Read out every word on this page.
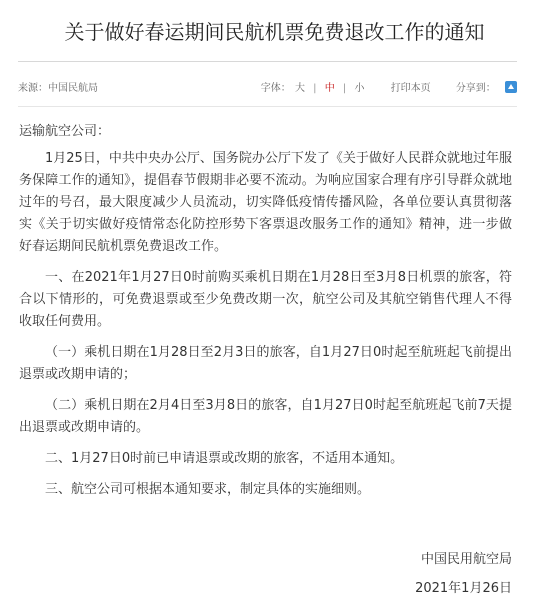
关于做好春运期间民航机票免费退改工作的通知
来源：中国民航局	字体： 大 | 中 | 小	打印本页	分享到：

运输航空公司：

1月25日，中共中央办公厅、国务院办公厅下发了《关于做好人民群众就地过年服务保障工作的通知》，提倡春节假期非必要不流动。为响应国家合理有序引导群众就地过年的号召，最大限度减少人员流动，切实降低疫情传播风险，各单位要认真贯彻落实《关于切实做好疫情常态化防控形势下客票退改服务工作的通知》精神，进一步做好春运期间民航机票免费退改工作。

一、在2021年1月27日0时前购买乘机日期在1月28日至3月8日机票的旅客，符合以下情形的，可免费退票或至少免费改期一次，航空公司及其航空销售代理人不得收取任何费用。

（一）乘机日期在1月28日至2月3日的旅客，自1月27日0时起至航班起飞前提出退票或改期申请的；

（二）乘机日期在2月4日至3月8日的旅客，自1月27日0时起至航班起飞前7天提出退票或改期申请的。

二、1月27日0时前已申请退票或改期的旅客，不适用本通知。

三、航空公司可根据本通知要求，制定具体的实施细则。

中国民用航空局
2021年1月26日
